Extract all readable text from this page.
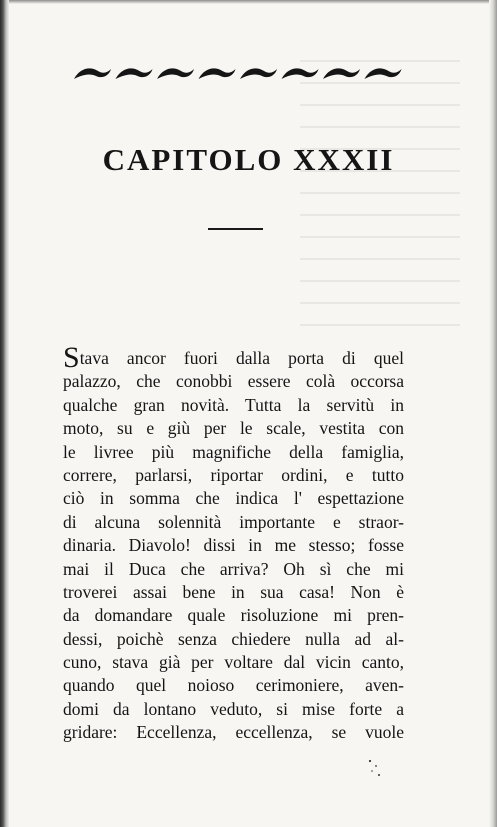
CAPITOLO XXXII
Stava ancor fuori dalla porta di quel
palazzo, che conobbi essere colà occorsa
qualche gran novità. Tutta la servitù in
moto, su e giù per le scale, vestita con
le livree più magnifiche della famiglia,
correre, parlarsi, riportar ordini, e tutto
ciò in somma che indica l' espettazione
di alcuna solennità importante e straor-
dinaria. Diavolo! dissi in me stesso; fosse
mai il Duca che arriva? Oh sì che mi
troverei assai bene in sua casa! Non è
da domandare quale risoluzione mi pren-
dessi, poichè senza chiedere nulla ad al-
cuno, stava già per voltare dal vicin canto,
quando quel noioso cerimoniere, aven-
domi da lontano veduto, si mise forte a
gridare: Eccellenza, eccellenza, se vuole
